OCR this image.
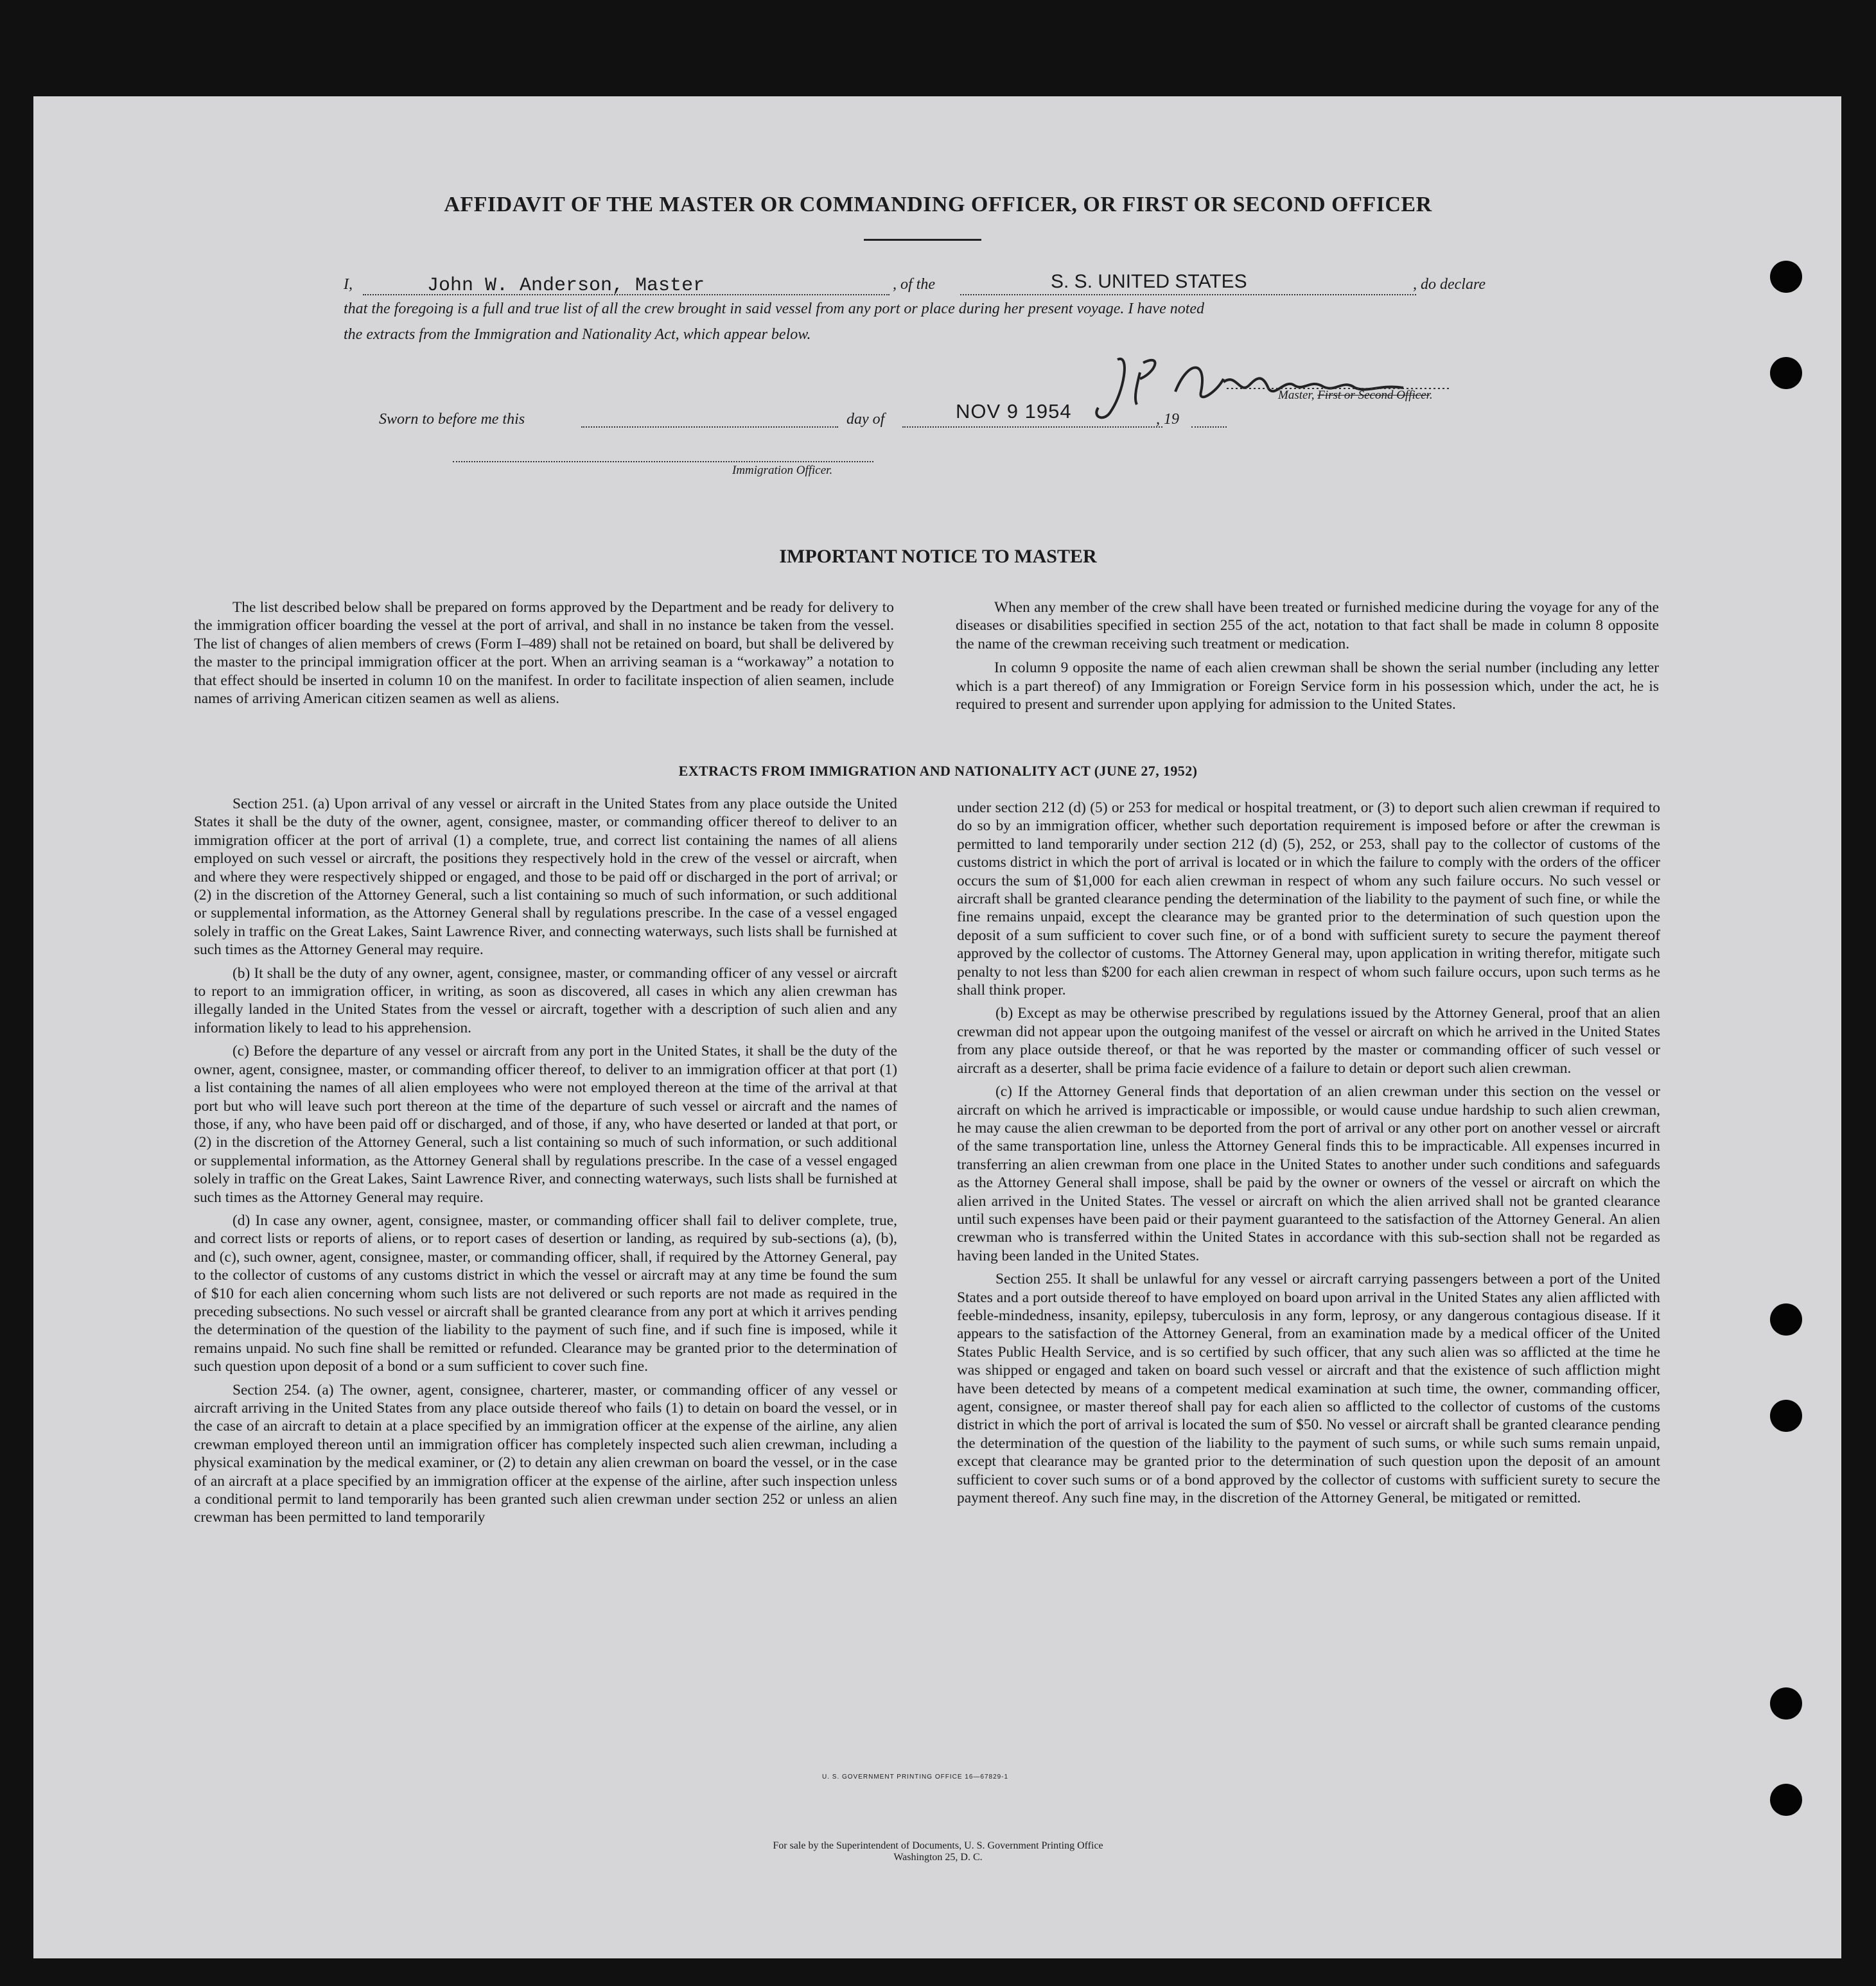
AFFIDAVIT OF THE MASTER OR COMMANDING OFFICER, OR FIRST OR SECOND OFFICER
I,	John W. Anderson, Master	, of the	S. S. UNITED STATES	, do declare
that the foregoing is a full and true list of all the crew brought in said vessel from any port or place during her present voyage. I have noted
the extracts from the Immigration and Nationality Act, which appear below.
Master, First or Second Officer.
Sworn to before me this	day of	NOV 9 1954	, 19
Immigration Officer.
IMPORTANT NOTICE TO MASTER

The list described below shall be prepared on forms approved by the Department and be ready for delivery to the immigration officer boarding the vessel at the port of arrival, and shall in no instance be taken from the vessel. The list of changes of alien members of crews (Form I–489) shall not be retained on board, but shall be delivered by the master to the principal immigration officer at the port. When an arriving seaman is a “workaway” a notation to that effect should be inserted in column 10 on the manifest. In order to facilitate inspection of alien seamen, include names of arriving American citizen seamen as well as aliens.

When any member of the crew shall have been treated or furnished medicine during the voyage for any of the diseases or disabilities specified in section 255 of the act, notation to that fact shall be made in column 8 opposite the name of the crewman receiving such treatment or medication.

In column 9 opposite the name of each alien crewman shall be shown the serial number (including any letter which is a part thereof) of any Immigration or Foreign Service form in his possession which, under the act, he is required to present and surrender upon applying for admission to the United States.

EXTRACTS FROM IMMIGRATION AND NATIONALITY ACT (JUNE 27, 1952)

Section 251. (a) Upon arrival of any vessel or aircraft in the United States from any place outside the United States it shall be the duty of the owner, agent, consignee, master, or commanding officer thereof to deliver to an immigration officer at the port of arrival (1) a complete, true, and correct list containing the names of all aliens employed on such vessel or aircraft, the positions they respectively hold in the crew of the vessel or aircraft, when and where they were respectively shipped or engaged, and those to be paid off or discharged in the port of arrival; or (2) in the discretion of the Attorney General, such a list containing so much of such information, or such additional or supplemental information, as the Attorney General shall by regulations prescribe. In the case of a vessel engaged solely in traffic on the Great Lakes, Saint Lawrence River, and connecting waterways, such lists shall be furnished at such times as the Attorney General may require.

(b) It shall be the duty of any owner, agent, consignee, master, or commanding officer of any vessel or aircraft to report to an immigration officer, in writing, as soon as discovered, all cases in which any alien crewman has illegally landed in the United States from the vessel or aircraft, together with a description of such alien and any information likely to lead to his apprehension.

(c) Before the departure of any vessel or aircraft from any port in the United States, it shall be the duty of the owner, agent, consignee, master, or commanding officer thereof, to deliver to an immigration officer at that port (1) a list containing the names of all alien employees who were not employed thereon at the time of the arrival at that port but who will leave such port thereon at the time of the departure of such vessel or aircraft and the names of those, if any, who have been paid off or discharged, and of those, if any, who have deserted or landed at that port, or (2) in the discretion of the Attorney General, such a list containing so much of such information, or such additional or supplemental information, as the Attorney General shall by regulations prescribe. In the case of a vessel engaged solely in traffic on the Great Lakes, Saint Lawrence River, and connecting waterways, such lists shall be furnished at such times as the Attorney General may require.

(d) In case any owner, agent, consignee, master, or commanding officer shall fail to deliver complete, true, and correct lists or reports of aliens, or to report cases of desertion or landing, as required by sub-sections (a), (b), and (c), such owner, agent, consignee, master, or commanding officer, shall, if required by the Attorney General, pay to the collector of customs of any customs district in which the vessel or aircraft may at any time be found the sum of $10 for each alien concerning whom such lists are not delivered or such reports are not made as required in the preceding subsections. No such vessel or aircraft shall be granted clearance from any port at which it arrives pending the determination of the question of the liability to the payment of such fine, and if such fine is imposed, while it remains unpaid. No such fine shall be remitted or refunded. Clearance may be granted prior to the determination of such question upon deposit of a bond or a sum sufficient to cover such fine.

Section 254. (a) The owner, agent, consignee, charterer, master, or commanding officer of any vessel or aircraft arriving in the United States from any place outside thereof who fails (1) to detain on board the vessel, or in the case of an aircraft to detain at a place specified by an immigration officer at the expense of the airline, any alien crewman employed thereon until an immigration officer has completely inspected such alien crewman, including a physical examination by the medical examiner, or (2) to detain any alien crewman on board the vessel, or in the case of an aircraft at a place specified by an immigration officer at the expense of the airline, after such inspection unless a conditional permit to land temporarily has been granted such alien crewman under section 252 or unless an alien crewman has been permitted to land temporarily

under section 212 (d) (5) or 253 for medical or hospital treatment, or (3) to deport such alien crewman if required to do so by an immigration officer, whether such deportation requirement is imposed before or after the crewman is permitted to land temporarily under section 212 (d) (5), 252, or 253, shall pay to the collector of customs of the customs district in which the port of arrival is located or in which the failure to comply with the orders of the officer occurs the sum of $1,000 for each alien crewman in respect of whom any such failure occurs. No such vessel or aircraft shall be granted clearance pending the determination of the liability to the payment of such fine, or while the fine remains unpaid, except the clearance may be granted prior to the determination of such question upon the deposit of a sum sufficient to cover such fine, or of a bond with sufficient surety to secure the payment thereof approved by the collector of customs. The Attorney General may, upon application in writing therefor, mitigate such penalty to not less than $200 for each alien crewman in respect of whom such failure occurs, upon such terms as he shall think proper.

(b) Except as may be otherwise prescribed by regulations issued by the Attorney General, proof that an alien crewman did not appear upon the outgoing manifest of the vessel or aircraft on which he arrived in the United States from any place outside thereof, or that he was reported by the master or commanding officer of such vessel or aircraft as a deserter, shall be prima facie evidence of a failure to detain or deport such alien crewman.

(c) If the Attorney General finds that deportation of an alien crewman under this section on the vessel or aircraft on which he arrived is impracticable or impossible, or would cause undue hardship to such alien crewman, he may cause the alien crewman to be deported from the port of arrival or any other port on another vessel or aircraft of the same transportation line, unless the Attorney General finds this to be impracticable. All expenses incurred in transferring an alien crewman from one place in the United States to another under such conditions and safeguards as the Attorney General shall impose, shall be paid by the owner or owners of the vessel or aircraft on which the alien arrived in the United States. The vessel or aircraft on which the alien arrived shall not be granted clearance until such expenses have been paid or their payment guaranteed to the satisfaction of the Attorney General. An alien crewman who is transferred within the United States in accordance with this sub-section shall not be regarded as having been landed in the United States.

Section 255. It shall be unlawful for any vessel or aircraft carrying passengers between a port of the United States and a port outside thereof to have employed on board upon arrival in the United States any alien afflicted with feeble-mindedness, insanity, epilepsy, tuberculosis in any form, leprosy, or any dangerous contagious disease. If it appears to the satisfaction of the Attorney General, from an examination made by a medical officer of the United States Public Health Service, and is so certified by such officer, that any such alien was so afflicted at the time he was shipped or engaged and taken on board such vessel or aircraft and that the existence of such affliction might have been detected by means of a competent medical examination at such time, the owner, commanding officer, agent, consignee, or master thereof shall pay for each alien so afflicted to the collector of customs of the customs district in which the port of arrival is located the sum of $50. No vessel or aircraft shall be granted clearance pending the determination of the question of the liability to the payment of such sums, or while such sums remain unpaid, except that clearance may be granted prior to the determination of such question upon the deposit of an amount sufficient to cover such sums or of a bond approved by the collector of customs with sufficient surety to secure the payment thereof. Any such fine may, in the discretion of the Attorney General, be mitigated or remitted.

U. S. GOVERNMENT PRINTING OFFICE 16—67829-1
For sale by the Superintendent of Documents, U. S. Government Printing Office
Washington 25, D. C.
